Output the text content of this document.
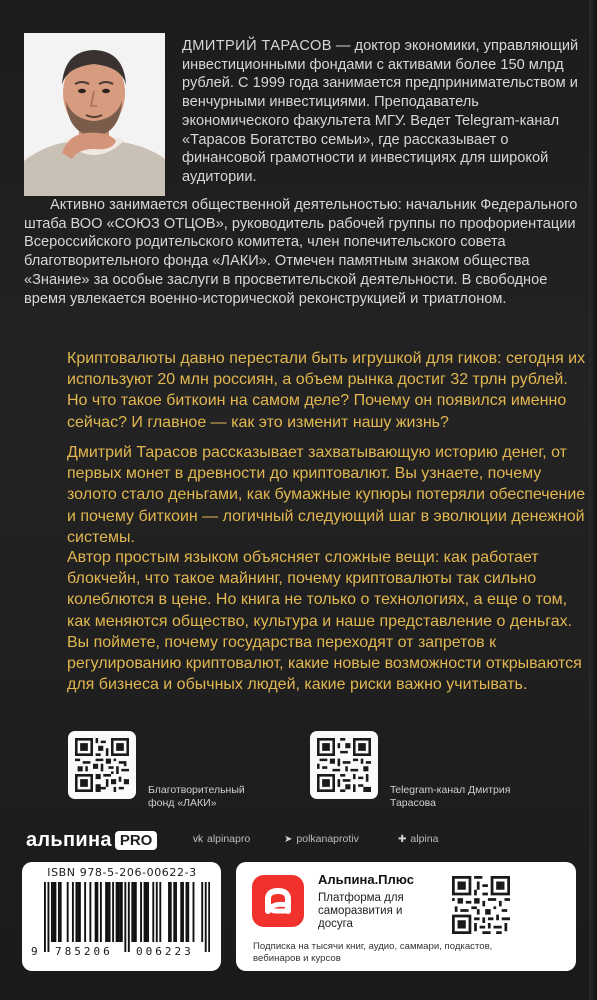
ДМИТРИЙ ТАРАСОВ — доктор экономики, управляющий инвестиционными фондами с активами более 150 млрд рублей. С 1999 года занимается предпринимательством и венчурными инвестициями. Преподаватель экономического факультета МГУ. Ведет Telegram-канал «Тарасов Богатство семьи», где рассказывает о финансовой грамотности и инвестициях для широкой аудитории.

Активно занимается общественной деятельностью: начальник Федерального штаба ВОО «СОЮЗ ОТЦОВ», руководитель рабочей группы по профориентации Всероссийского родительского комитета, член попечительского совета благотворительного фонда «ЛАКИ». Отмечен памятным знаком общества «Знание» за особые заслуги в просветительской деятельности. В свободное время увлекается военно-исторической реконструкцией и триатлоном.

Криптовалюты давно перестали быть игрушкой для гиков: сегодня их используют 20 млн россиян, а объем рынка достиг 32 трлн рублей. Но что такое биткоин на самом деле? Почему он появился именно сейчас? И главное — как это изменит нашу жизнь?

Дмитрий Тарасов рассказывает захватывающую историю денег, от первых монет в древности до криптовалют. Вы узнаете, почему золото стало деньгами, как бумажные купюры потеряли обеспечение и почему биткоин — логичный следующий шаг в эволюции денежной системы.

Автор простым языком объясняет сложные вещи: как работает блокчейн, что такое майнинг, почему криптовалюты так сильно колеблются в цене. Но книга не только о технологиях, а еще о том, как меняются общество, культура и наше представление о деньгах. Вы поймете, почему государства переходят от запретов к регулированию криптовалют, какие новые возможности открываются для бизнеса и обычных людей, какие риски важно учитывать.

Благотворительный фонд «ЛАКИ»

Telegram-канал Дмитрия Тарасова

альпина PRO	vk alpinapro	➤ polkanaprotiv	✚ alpina
ISBN 978-5-206-00622-3
9 785206 006223

Альпина.Плюс

Платформа для саморазвития и досуга

Подписка на тысячи книг, аудио, саммари, подкастов, вебинаров и курсов
